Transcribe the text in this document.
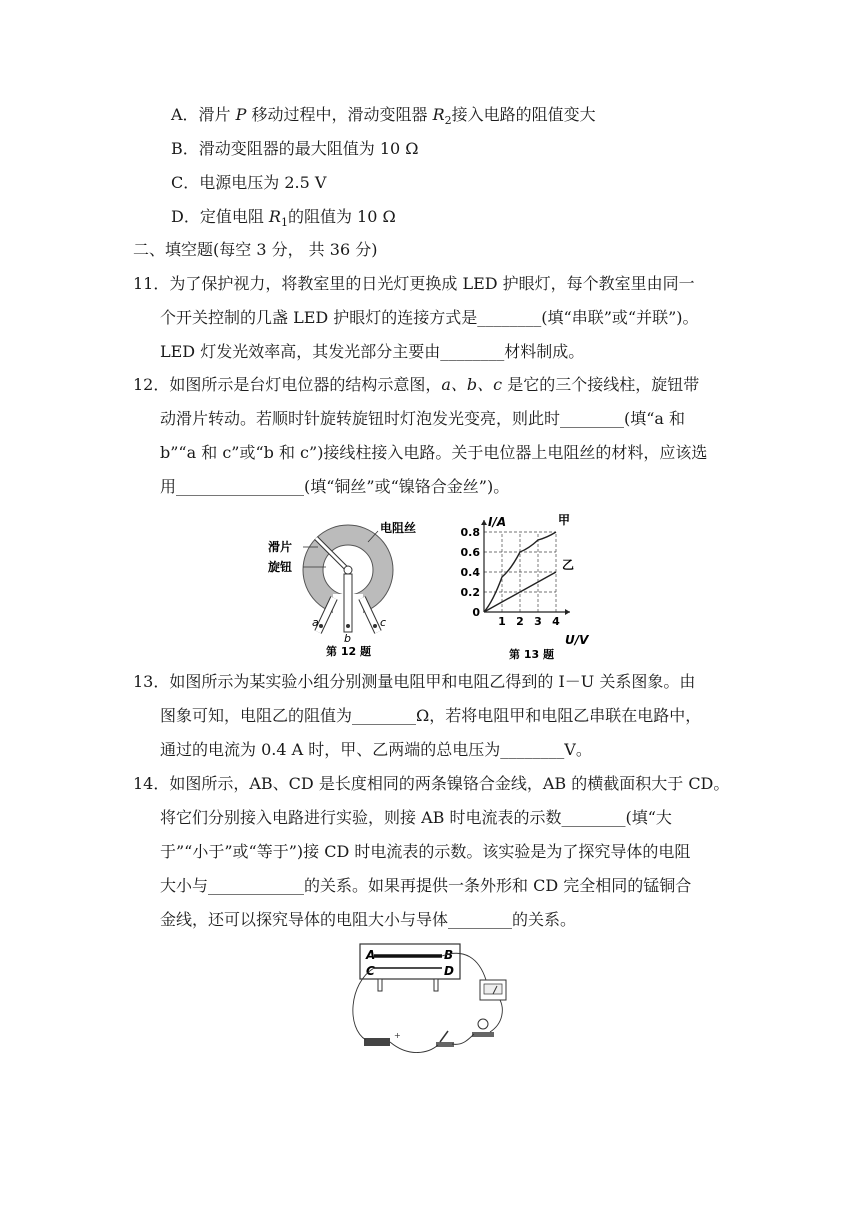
A．滑片 P 移动过程中，滑动变阻器 $R_2$接入电路的阻值变大
B．滑动变阻器的最大阻值为 10 Ω
C．电源电压为 2.5 V
D．定值电阻 $R_1$的阻值为 10 Ω
二、填空题(每空 3 分， 共 36 分)
11．为了保护视力，将教室里的日光灯更换成 LED 护眼灯，每个教室里由同一
个开关控制的几盏 LED 护眼灯的连接方式是________(填“串联”或“并联”)。
LED 灯发光效率高，其发光部分主要由________材料制成。
12．如图所示是台灯电位器的结构示意图，a、b、c 是它的三个接线柱，旋钮带
动滑片转动。若顺时针旋转旋钮时灯泡发光变亮，则此时________(填“a 和
b”“a 和 c”或“b 和 c”)接线柱接入电路。关于电位器上电阻丝的材料，应该选
用________________(填“铜丝”或“镍铬合金丝”)。
电阻丝
滑片
旋钮
a
b
c
第 12 题
I/A
U/V
第 13 题
0.8
0.6
0.4
0.2
0
1 2 3 4
甲
乙
13．如图所示为某实验小组分别测量电阻甲和电阻乙得到的 I－U 关系图象。由
图象可知，电阻乙的阻值为________Ω，若将电阻甲和电阻乙串联在电路中，
通过的电流为 0.4 A 时，甲、乙两端的总电压为________V。
14．如图所示，AB、CD 是长度相同的两条镍铬合金线，AB 的横截面积大于 CD。
将它们分别接入电路进行实验，则接 AB 时电流表的示数________(填“大
于”“小于”或“等于”)接 CD 时电流表的示数。该实验是为了探究导体的电阻
大小与____________的关系。如果再提供一条外形和 CD 完全相同的锰铜合
金线，还可以探究导体的电阻大小与导体________的关系。
A	B
C	D
+
